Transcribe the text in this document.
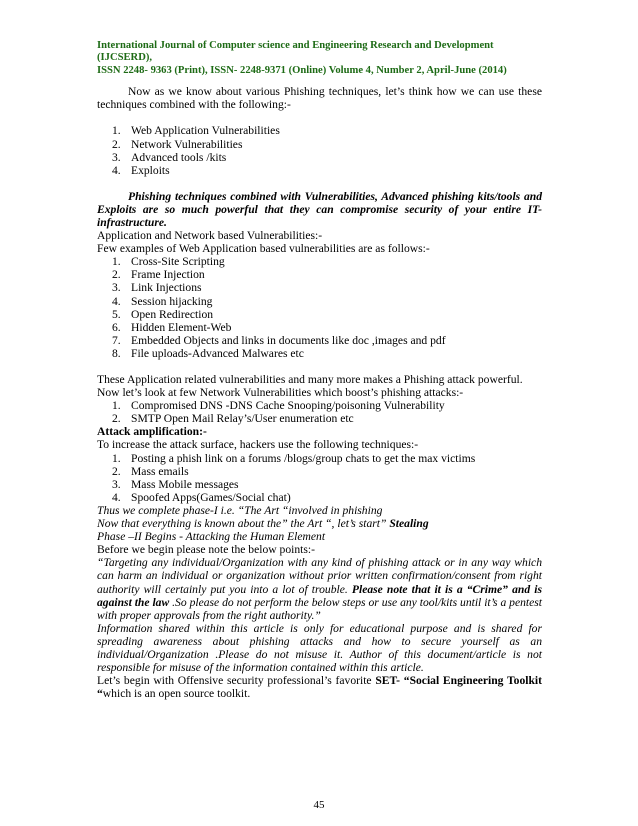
International Journal of Computer science and Engineering Research and Development (IJCSERD),
ISSN 2248- 9363 (Print), ISSN- 2248-9371 (Online) Volume 4, Number 2, April-June (2014)

Now as we know about various Phishing techniques, let’s think how we can use these techniques combined with the following:-

1. Web Application Vulnerabilities
2. Network Vulnerabilities
3. Advanced tools /kits
4. Exploits

Phishing techniques combined with Vulnerabilities, Advanced phishing kits/tools and Exploits are so much powerful that they can compromise security of your entire IT-infrastructure.

Application and Network based Vulnerabilities:-

Few examples of Web Application based vulnerabilities are as follows:-

1. Cross-Site Scripting
2. Frame Injection
3. Link Injections
4. Session hijacking
5. Open Redirection
6. Hidden Element-Web
7. Embedded Objects and links in documents like doc ,images and pdf
8. File uploads-Advanced Malwares etc

These Application related vulnerabilities and many more makes a Phishing attack powerful.

Now let’s look at few Network Vulnerabilities which boost’s phishing attacks:-

1. Compromised DNS -DNS Cache Snooping/poisoning Vulnerability
2. SMTP Open Mail Relay’s/User enumeration etc

Attack amplification:-

To increase the attack surface, hackers use the following techniques:-

1. Posting a phish link on a forums /blogs/group chats to get the max victims
2. Mass emails
3. Mass Mobile messages
4. Spoofed Apps(Games/Social chat)

Thus we complete phase-I i.e. “The Art “involved in phishing

Now that everything is known about the” the Art “, let’s start” Stealing

Phase –II Begins - Attacking the Human Element

Before we begin please note the below points:-

“Targeting any individual/Organization with any kind of phishing attack or in any way which can harm an individual or organization without prior written confirmation/consent from right authority will certainly put you into a lot of trouble. Please note that it is a “Crime” and is against the law .So please do not perform the below steps or use any tool/kits until it’s a pentest with proper approvals from the right authority.”

Information shared within this article is only for educational purpose and is shared for spreading awareness about phishing attacks and how to secure yourself as an individual/Organization .Please do not misuse it. Author of this document/article is not responsible for misuse of the information contained within this article.

Let’s begin with Offensive security professional’s favorite SET- “Social Engineering Toolkit “which is an open source toolkit.

45
